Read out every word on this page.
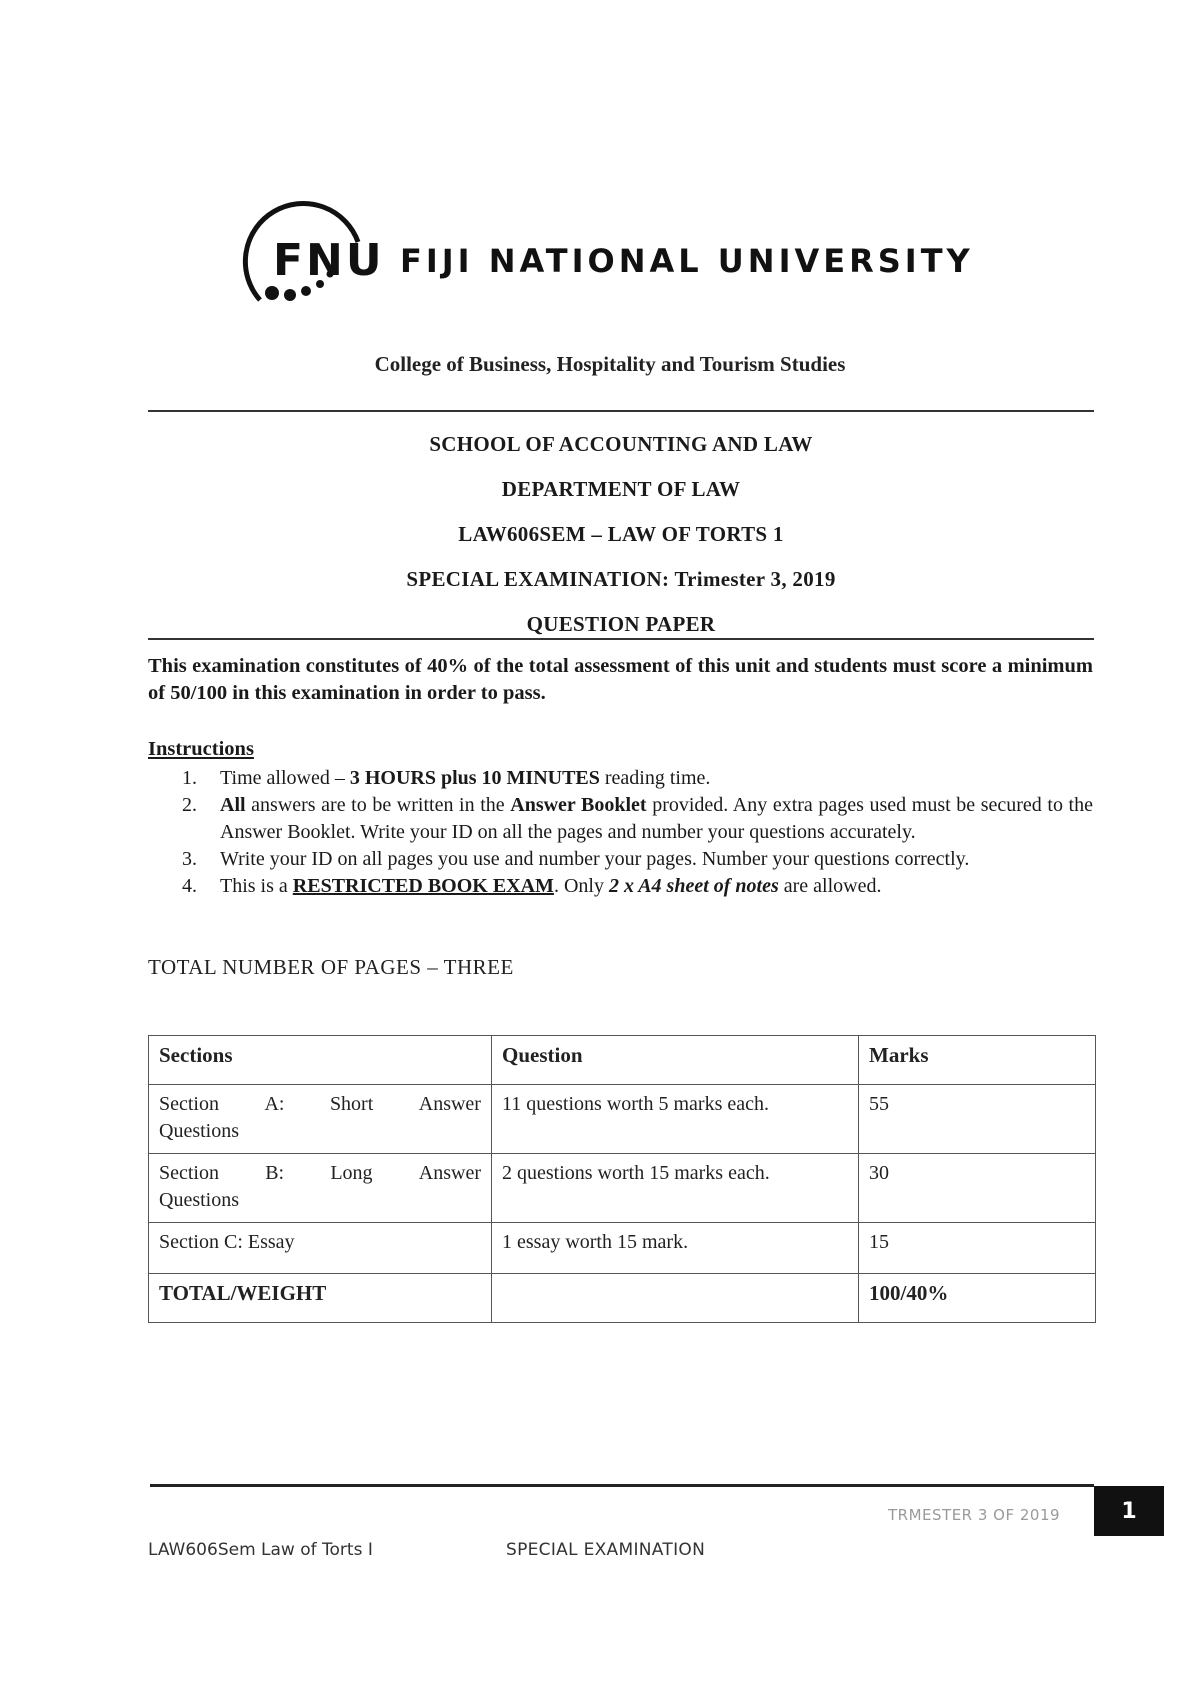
FNU FIJI NATIONAL UNIVERSITY
College of Business, Hospitality and Tourism Studies
SCHOOL OF ACCOUNTING AND LAW
DEPARTMENT OF LAW
LAW606SEM – LAW OF TORTS 1
SPECIAL EXAMINATION: Trimester 3, 2019
QUESTION PAPER
This examination constitutes of 40% of the total assessment of this unit and students must score a minimum of 50/100 in this examination in order to pass.
Instructions
1. Time allowed – 3 HOURS plus 10 MINUTES reading time.
2. All answers are to be written in the Answer Booklet provided. Any extra pages used must be secured to the Answer Booklet. Write your ID on all the pages and number your questions accurately.
3. Write your ID on all pages you use and number your pages. Number your questions correctly.
4. This is a RESTRICTED BOOK EXAM. Only 2 x A4 sheet of notes are allowed.
TOTAL NUMBER OF PAGES – THREE
Sections	Question	Marks

Section A: Short Answer
Questions	11 questions worth 5 marks each.	55

Section B: Long Answer
Questions	2 questions worth 15 marks each.	30
Section C: Essay	1 essay worth 15 mark.	15
TOTAL/WEIGHT		100/40%
TRMESTER 3 OF 2019	1
LAW606Sem Law of Torts I	SPECIAL EXAMINATION
